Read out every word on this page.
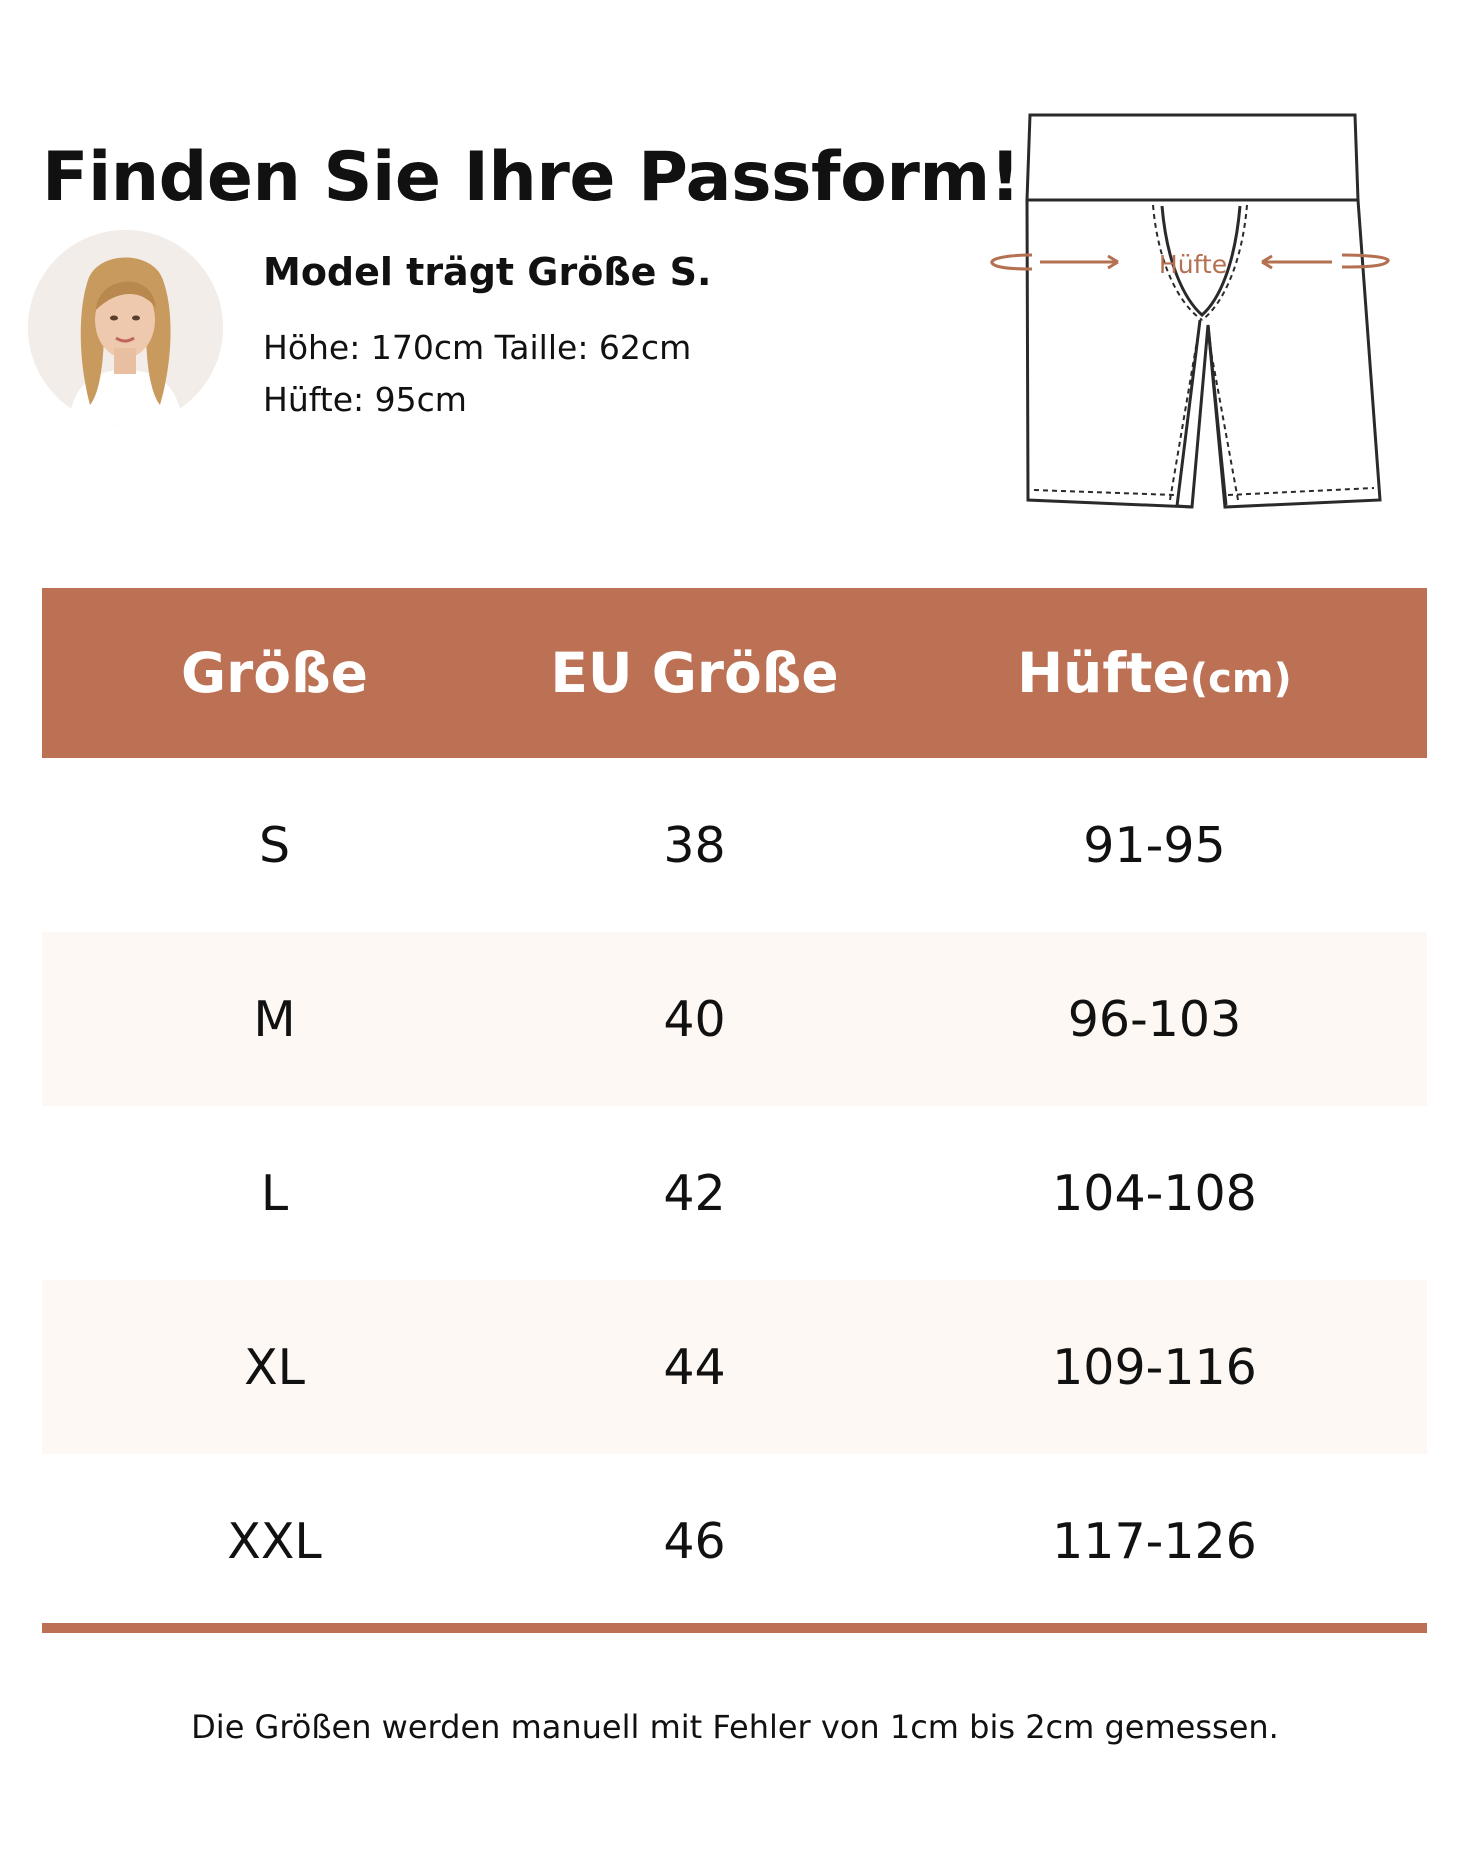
Finden Sie Ihre Passform!
Model trägt Größe S.
Höhe: 170cm Taille: 62cm
Hüfte: 95cm
Hüfte
Größe	EU Größe	Hüfte(cm)
S	38	91-95
M	40	96-103
L	42	104-108
XL	44	109-116
XXL	46	117-126
Die Größen werden manuell mit Fehler von 1cm bis 2cm gemessen.
